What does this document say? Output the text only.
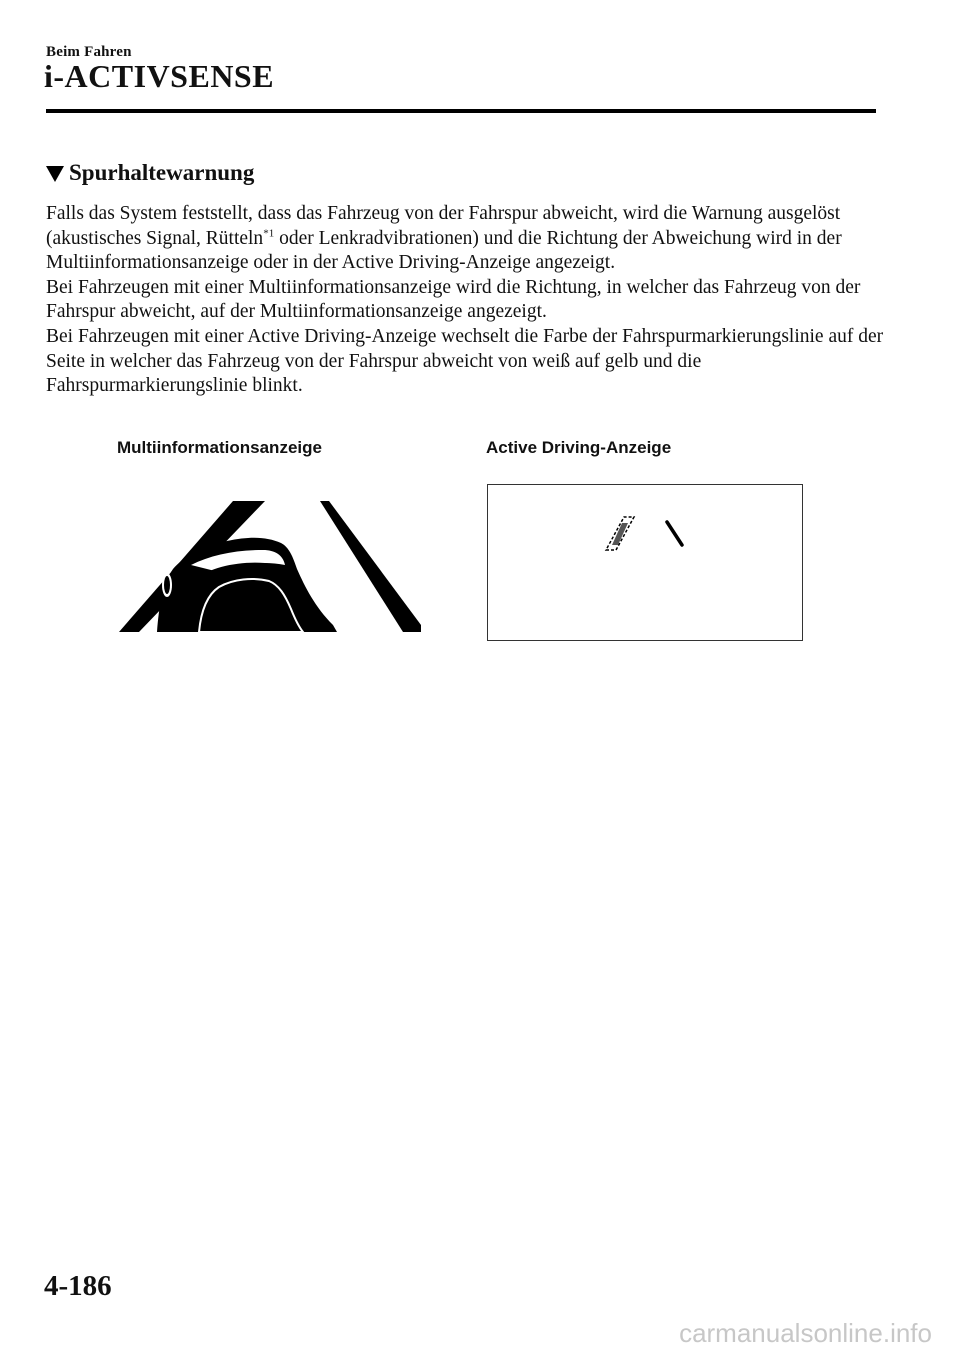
Beim Fahren
i-ACTIVSENSE
Spurhaltewarnung

Falls das System feststellt, dass das Fahrzeug von der Fahrspur abweicht, wird die Warnung ausgelöst (akustisches Signal, Rütteln$^{*1}$ oder Lenkradvibrationen) und die Richtung der Abweichung wird in der Multiinformationsanzeige oder in der Active Driving-Anzeige angezeigt.

Bei Fahrzeugen mit einer Multiinformationsanzeige wird die Richtung, in welcher das Fahrzeug von der Fahrspur abweicht, auf der Multiinformationsanzeige angezeigt.

Bei Fahrzeugen mit einer Active Driving-Anzeige wechselt die Farbe der Fahrspurmarkierungslinie auf der Seite in welcher das Fahrzeug von der Fahrspur abweicht von weiß auf gelb und die Fahrspurmarkierungslinie blinkt.

Multiinformationsanzeige	Active Driving-Anzeige
4-186
carmanualsonline.info
